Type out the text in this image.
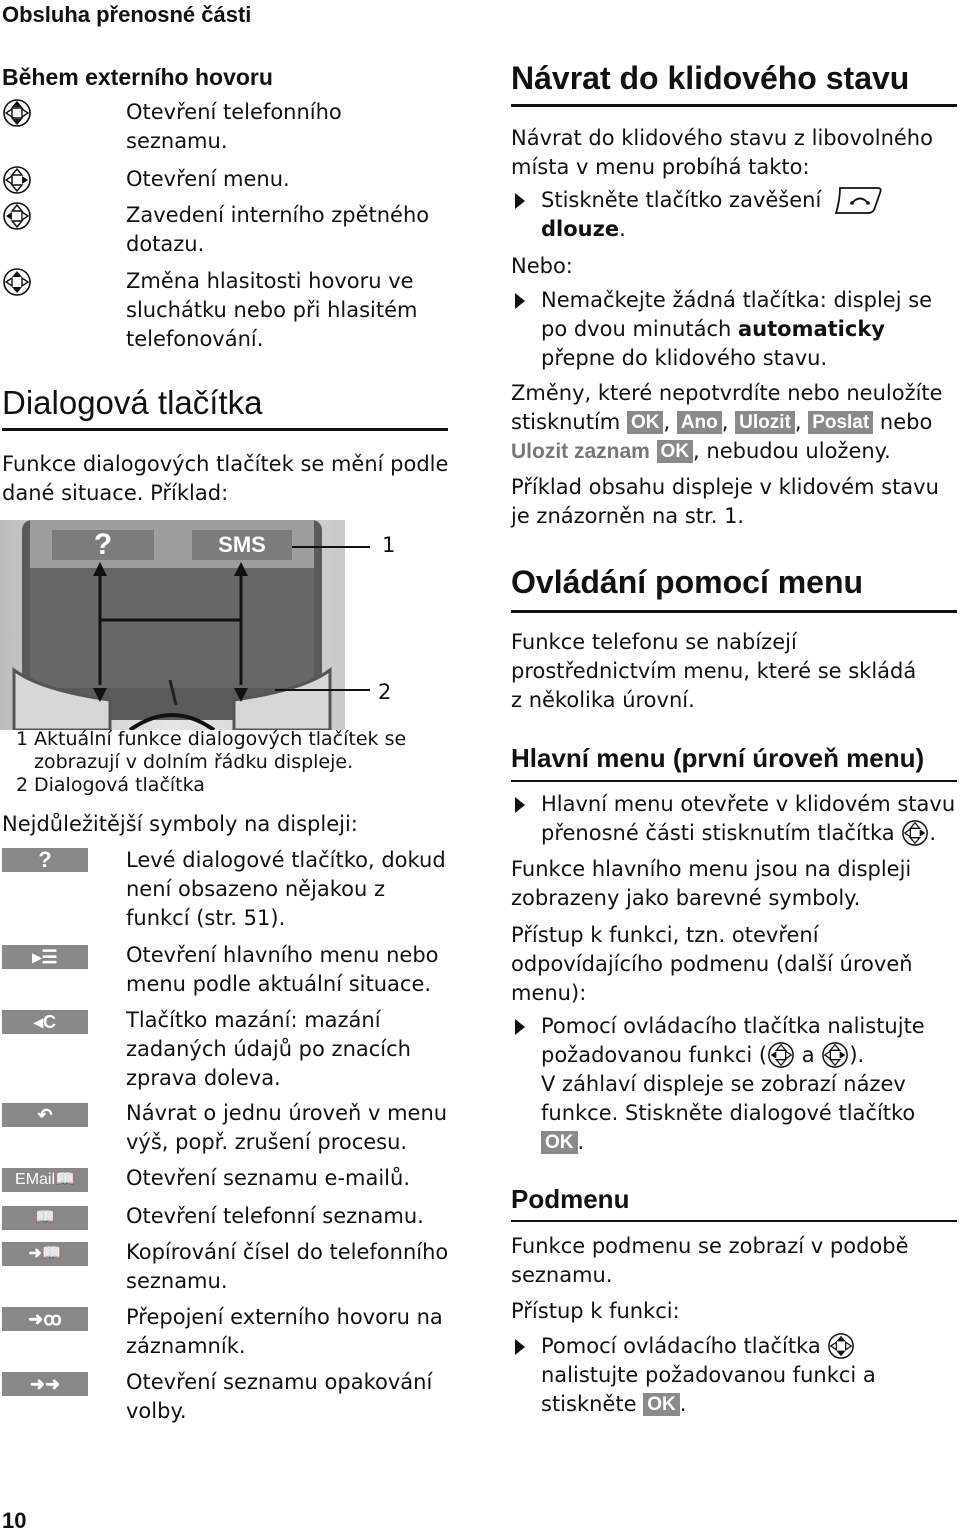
Obsluha přenosné části
Během externího hovoru
Otevření telefonního seznamu.
Otevření menu.
Zavedení interního zpětného dotazu.
Změna hlasitosti hovoru ve sluchátku nebo při hlasitém telefonování.
Dialogová tlačítka
Funkce dialogových tlačítek se mění podle dané situace. Příklad:
?	SMS	1
2
1 Aktuální funkce dialogových tlačítek se zobrazují v dolním řádku displeje.
2 Dialogová tlačítka
Nejdůležitější symboly na displeji:
?	Levé dialogové tlačítko, dokud není obsazeno nějakou z funkcí (str. 51).
▸☰	Otevření hlavního menu nebo menu podle aktuální situace.
◂C	Tlačítko mazání: mazání zadaných údajů po znacích zprava doleva.
↶	Návrat o jednu úroveň v menu výš, popř. zrušení procesu.
EMail📖	Otevření seznamu e-mailů.
📖	Otevření telefonní seznamu.
➜📖	Kopírování čísel do telefonního seznamu.
➜ꝏ	Přepojení externího hovoru na záznamník.
➜➜	Otevření seznamu opakování volby.
10
Návrat do klidového stavu
Návrat do klidového stavu z libovolného místa v menu probíhá takto:
Stiskněte tlačítko zavěšení
dlouze.
Nebo:
Nemačkejte žádná tlačítka: displej se po dvou minutách automaticky přepne do klidového stavu.
Změny, které nepotvrdíte nebo neuložíte stisknutím OK , Ano , Ulozit , Poslat nebo
Ulozit zaznam OK , nebudou uloženy.
Příklad obsahu displeje v klidovém stavu je znázorněn na str. 1.
Ovládání pomocí menu
Funkce telefonu se nabízejí prostřednictvím menu, které se skládá z několika úrovní.
Hlavní menu (první úroveň menu)
Hlavní menu otevřete v klidovém stavu přenosné části stisknutím tlačítka .
Funkce hlavního menu jsou na displeji zobrazeny jako barevné symboly.
Přístup k funkci, tzn. otevření odpovídajícího podmenu (další úroveň menu):
Pomocí ovládacího tlačítka nalistujte požadovanou funkci ( a ).
V záhlaví displeje se zobrazí název funkce. Stiskněte dialogové tlačítko
OK .
Podmenu
Funkce podmenu se zobrazí v podobě seznamu.
Přístup k funkci:
Pomocí ovládacího tlačítka  nalistujte požadovanou funkci a stiskněte OK .
